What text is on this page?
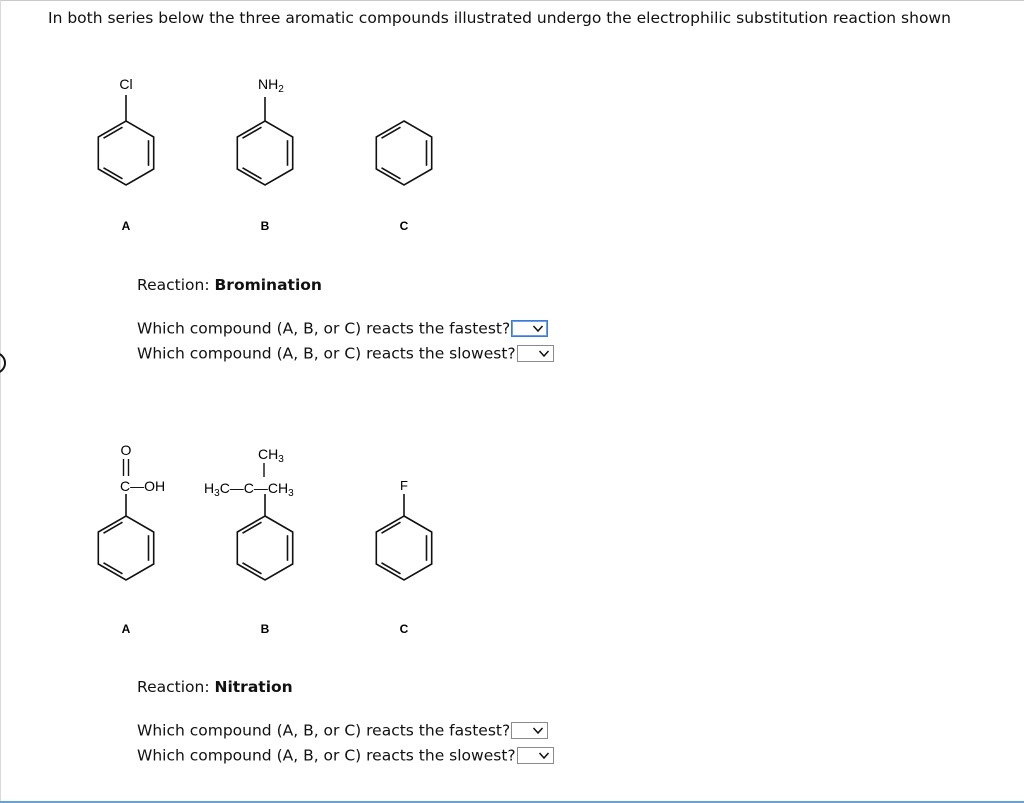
In both series below the three aromatic compounds illustrated undergo the electrophilic substitution reaction shown
Cl
A
$NH_2$
B	C
O
C—OH
A
$CH_3$
$H_3C—C—CH_3$
B
F
C
Reaction: Bromination
Which compound (A, B, or C) reacts the fastest?
Which compound (A, B, or C) reacts the slowest?
Reaction: Nitration
Which compound (A, B, or C) reacts the fastest?
Which compound (A, B, or C) reacts the slowest?
